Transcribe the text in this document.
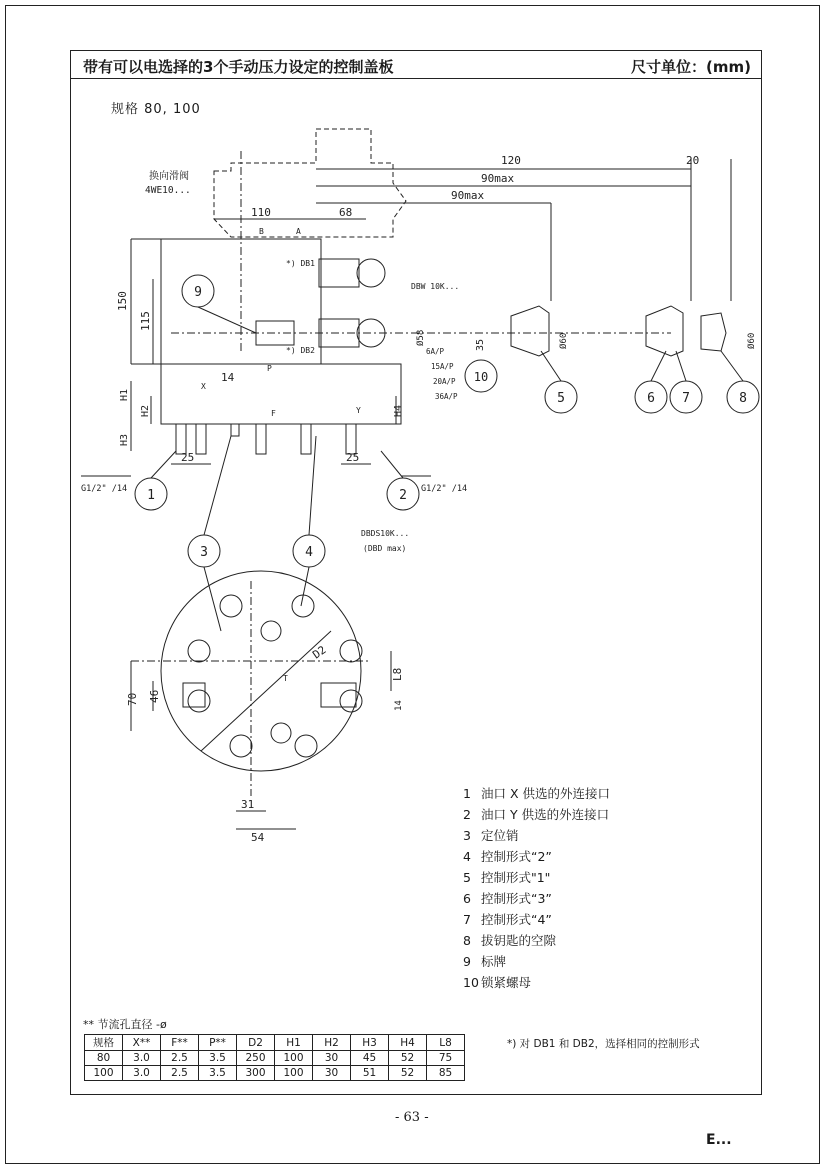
带有可以电选择的3个手动压力设定的控制盖板	尺寸单位：(mm)
规格 80, 100
9
10
5	6 7	8
1	2
3	4
换向滑阀
4WE10...
120	20
90max
90max
110	68
150
115
14
25	25
35
Ø58	Ø60	Ø60
H1
H2
H3
H4
G1/2" /14	G1/2" /14
*) DB1
*) DB2
DBW 10K...
6A/P
15A/P
20A/P
36A/P
DBDS10K...
(DBD max)
70 46
31
54
D2
L8
14
A
B
P
T
X
Y
F
1 油口 X 供选的外连接口
2 油口 Y 供选的外连接口
3 定位销
4 控制形式“2”
5 控制形式"1"
6 控制形式“3”
7 控制形式“4”
8 拔钥匙的空隙
9 标牌
10 锁紧螺母
** 节流孔直径 -ø
规格	X**	F**	P**	D2	H1	H2	H3	H4	L8
80	3.0	2.5	3.5	250	100	30	45	52	75
100	3.0	2.5	3.5	300	100	30	51	52	85
*) 对 DB1 和 DB2，选择相同的控制形式
- 63 -
E...
